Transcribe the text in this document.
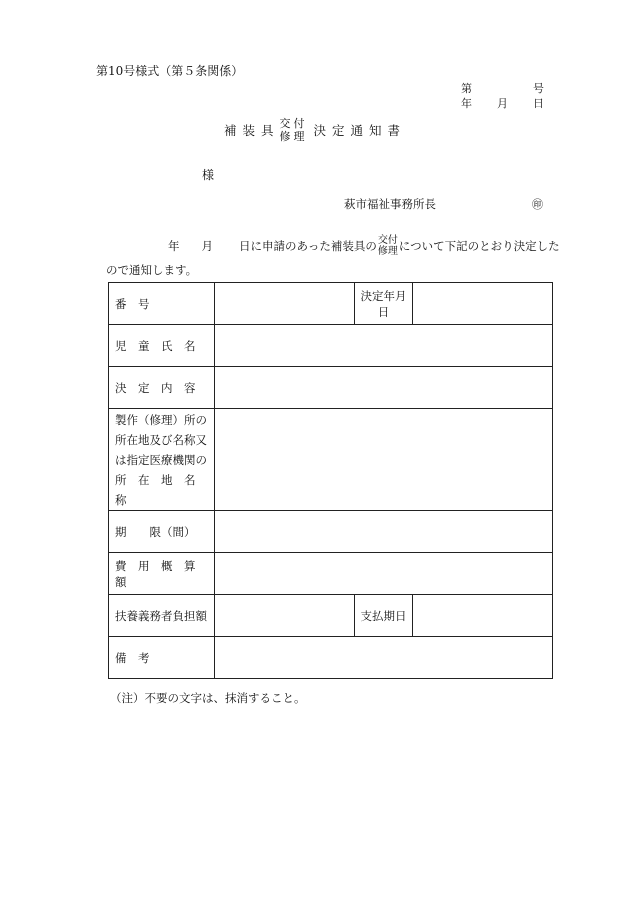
第10号様式（第５条関係）
第	号
年 月 日
補装具 交付
修理 決定通知書
様
萩市福祉事務所長	㊞
年 月 日に申請のあった補装具の 交付
修理 について下記のとおり決定した
ので通知します。
番　号		決定年月日	
児　童　氏　名			
決　定　内　容			

製作（修理）所の
所在地及び名称又
は指定医療機関の
所　在　地　名　称			

期　　限（間）			
費　用　概　算　額			
扶養義務者負担額		支払期日	
備　考			
（注）不要の文字は、抹消すること。
